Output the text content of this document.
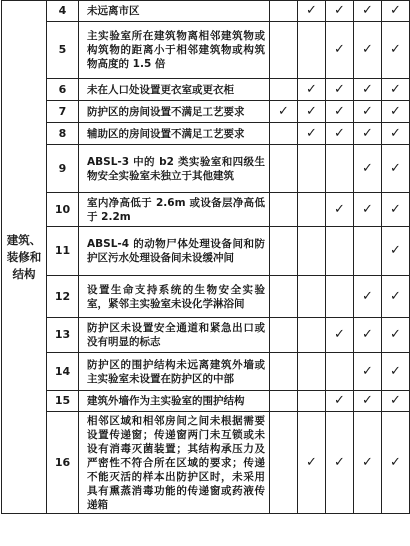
建筑、装修和结构	4	未远离市区		✓	✓	✓	✓
	5	主实验室所在建筑物离相邻建筑物或构筑物的距离小于相邻建筑物或构筑物高度的 1.5 倍			✓	✓	✓
	6	未在人口处设置更衣室或更衣柜		✓	✓	✓	✓
	7	防护区的房间设置不满足工艺要求	✓	✓	✓	✓	✓
	8	辅助区的房间设置不满足工艺要求		✓	✓	✓	✓
	9	ABSL-3 中的 b2 类实验室和四级生物安全实验室未独立于其他建筑				✓	✓
	10	室内净高低于 2.6m 或设备层净高低于 2.2m			✓	✓	✓
	11	ABSL-4 的动物尸体处理设备间和防护区污水处理设备间未设缓冲间					✓
	12	设置生命支持系统的生物安全实验室，紧邻主实验室未设化学淋浴间				✓	✓
	13	防护区未设置安全通道和紧急出口或没有明显的标志			✓	✓	✓
	14	防护区的围护结构未远离建筑外墙或主实验室未设置在防护区的中部				✓	✓
	15	建筑外墙作为主实验室的围护结构			✓	✓	✓
	16	相邻区域和相邻房间之间未根据需要设置传递窗；传递窗两门未互锁或未设有消毒灭菌装置；其结构承压力及严密性不符合所在区域的要求；传递不能灭活的样本出防护区时，未采用具有熏蒸消毒功能的传递窗或药液传递箱		✓	✓	✓	✓
